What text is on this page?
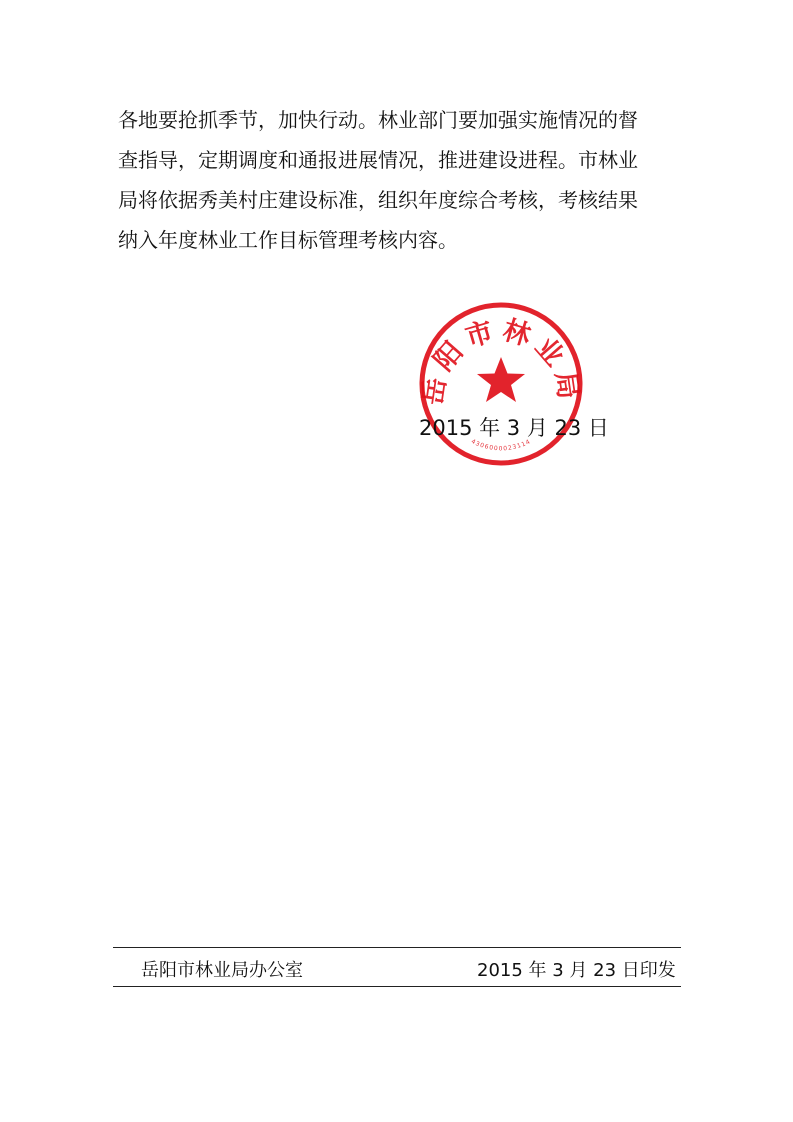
各地要抢抓季节，加快行动。林业部门要加强实施情况的督
查指导，定期调度和通报进展情况，推进建设进程。市林业
局将依据秀美村庄建设标准，组织年度综合考核，考核结果
纳入年度林业工作目标管理考核内容。
岳阳市林业局
4306000023114
2015 年 3 月 23 日
岳阳市林业局办公室	2015 年 3 月 23 日印发
